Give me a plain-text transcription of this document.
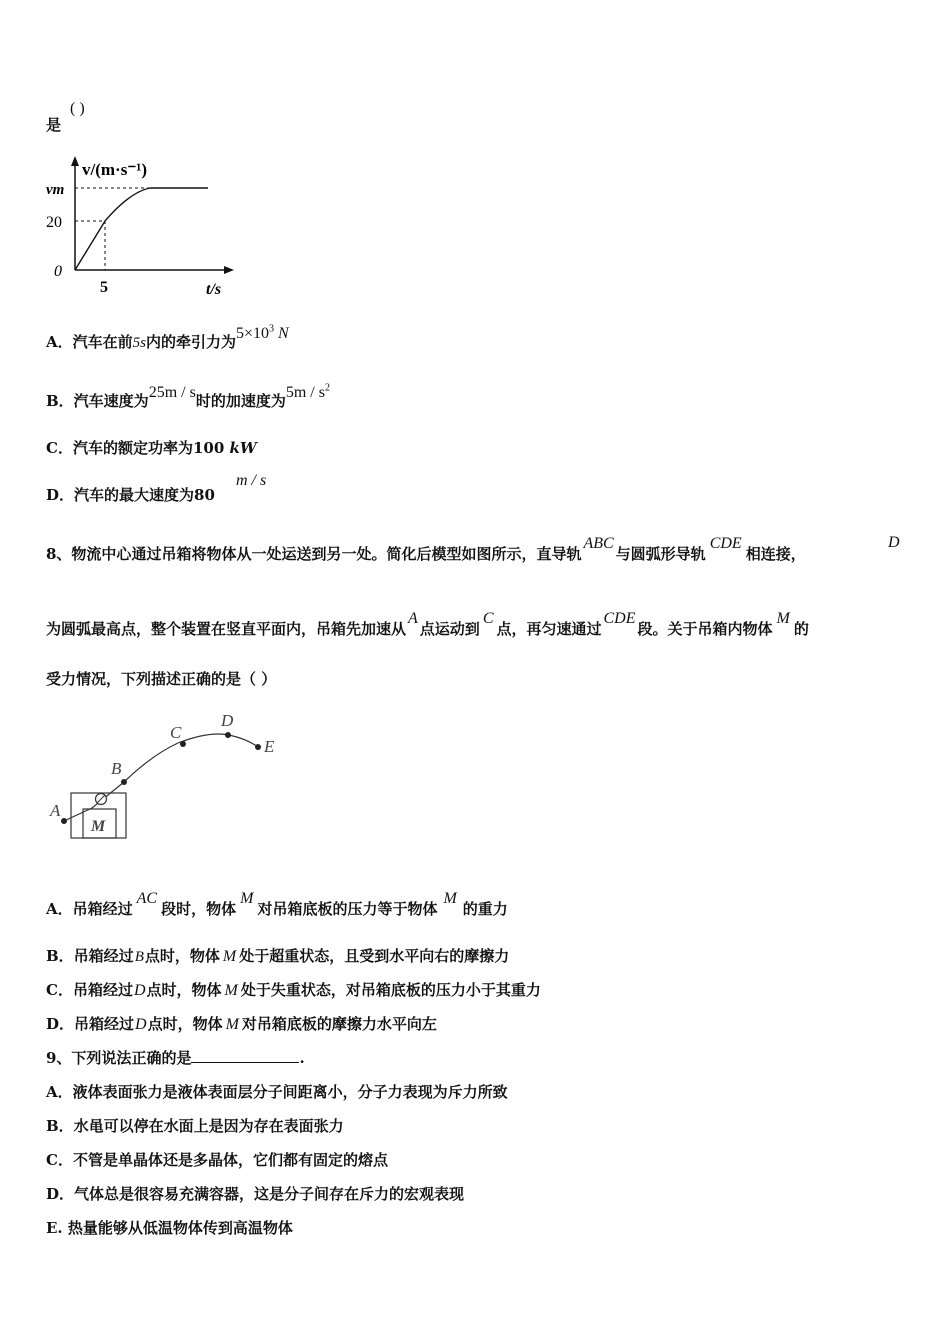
是
( )
v/(m·s⁻¹)
vm
20
0
5	t/s
A．汽车在前5s内的牵引力为$5\times 10^3$ N
B．汽车速度为25m / s时的加速度为$5m / s^2$
C．汽车的额定功率为100 kW
D．汽车的最大速度为80
m / s
8、物流中心通过吊箱将物体从一处运送到另一处。简化后模型如图所示，直导轨ABC与圆弧形导轨CDE相连接，
D
为圆弧最高点，整个装置在竖直平面内，吊箱先加速从A点运动到C点，再匀速通过CDE段。关于吊箱内物体M的
受力情况，下列描述正确的是（ ）
A
B
C
D
E
M
A．吊箱经过AC段时，物体M对吊箱底板的压力等于物体M的重力
B．吊箱经过B点时，物体 M 处于超重状态，且受到水平向右的摩擦力
C．吊箱经过D点时，物体 M 处于失重状态，对吊箱底板的压力小于其重力
D．吊箱经过D点时，物体 M 对吊箱底板的摩擦力水平向左
9、下列说法正确的是	.
A．液体表面张力是液体表面层分子间距离小，分子力表现为斥力所致
B．水黾可以停在水面上是因为存在表面张力
C．不管是单晶体还是多晶体，它们都有固定的熔点
D．气体总是很容易充满容器，这是分子间存在斥力的宏观表现
E. 热量能够从低温物体传到高温物体
